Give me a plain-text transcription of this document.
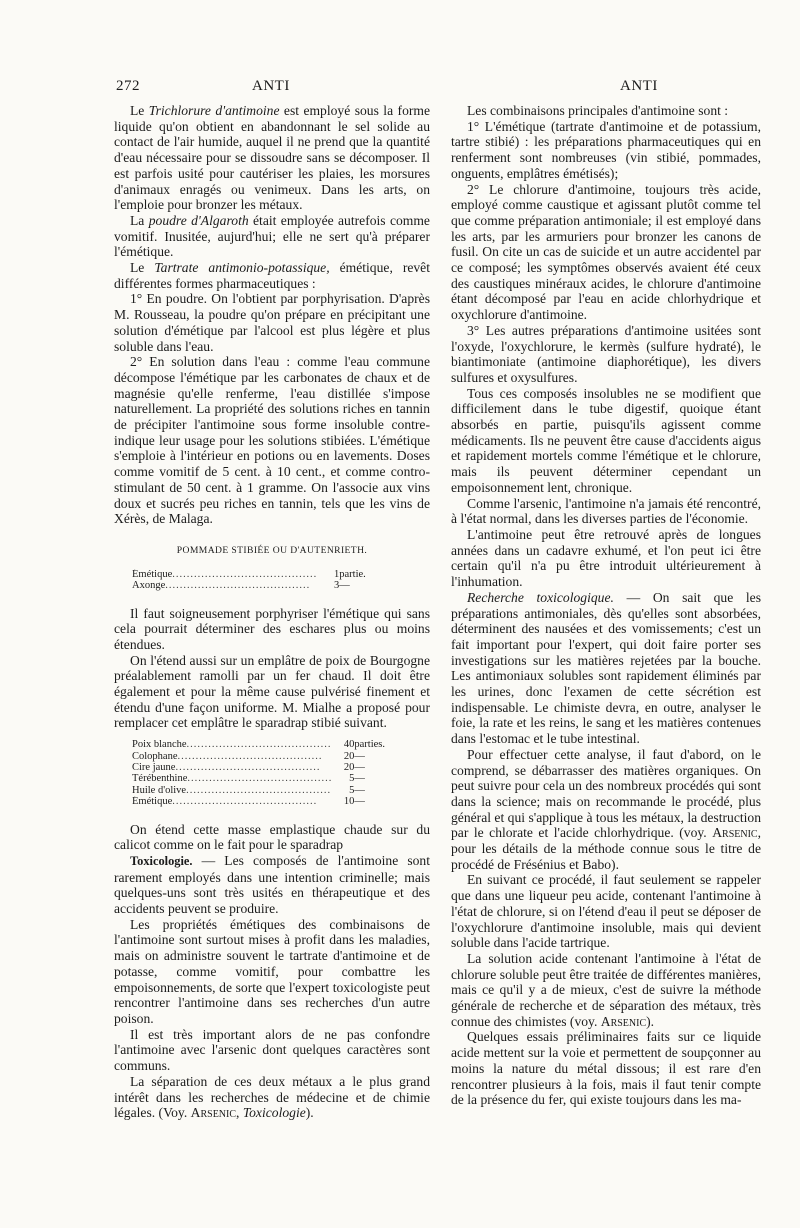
272	ANTI	ANTI

Le Trichlorure d'antimoine est employé sous la forme liquide qu'on obtient en abandonnant le sel solide au contact de l'air humide, auquel il ne prend que la quantité d'eau nécessaire pour se dissoudre sans se décomposer. Il est parfois usité pour cautériser les plaies, les morsures d'animaux enragés ou venimeux. Dans les arts, on l'emploie pour bronzer les métaux.

La poudre d'Algaroth était employée autrefois comme vomitif. Inusitée, aujurd'hui; elle ne sert qu'à préparer l'émétique.

Le Tartrate antimonio-potassique, émétique, revêt différentes formes pharmaceutiques :

1° En poudre. On l'obtient par porphyrisation. D'après M. Rousseau, la poudre qu'on prépare en précipitant une solution d'émétique par l'alcool est plus légère et plus soluble dans l'eau.

2° En solution dans l'eau : comme l'eau commune décompose l'émétique par les carbonates de chaux et de magnésie qu'elle renferme, l'eau distillée s'impose naturellement. La propriété des solutions riches en tannin de précipiter l'antimoine sous forme insoluble contre-indique leur usage pour les solutions stibiées. L'émétique s'emploie à l'intérieur en potions ou en lavements. Doses comme vomitif de 5 cent. à 10 cent., et comme contro-stimulant de 50 cent. à 1 gramme. On l'associe aux vins doux et sucrés peu riches en tannin, tels que les vins de Xérès, de Malaga.

POMMADE STIBIÉE OU D'AUTENRIETH.
Émétique........................................	1	partie.
Axonge........................................	3	—

Il faut soigneusement porphyriser l'émétique qui sans cela pourrait déterminer des eschares plus ou moins étendues.

On l'étend aussi sur un emplâtre de poix de Bourgogne préalablement ramolli par un fer chaud. Il doit être également et pour la même cause pulvérisé finement et étendu d'une façon uniforme. M. Mialhe a proposé pour remplacer cet emplâtre le sparadrap stibié suivant.

Poix blanche........................................	40	parties.
Colophane........................................	20	—
Cire jaune........................................	20	—
Térébenthine........................................	5	—
Huile d'olive........................................	5	—
Émétique........................................	10	—

On étend cette masse emplastique chaude sur du calicot comme on le fait pour le sparadrap

Toxicologie. — Les composés de l'antimoine sont rarement employés dans une intention criminelle; mais quelques-uns sont très usités en thérapeutique et des accidents peuvent se produire.

Les propriétés émétiques des combinaisons de l'antimoine sont surtout mises à profit dans les maladies, mais on administre souvent le tartrate d'antimoine et de potasse, comme vomitif, pour combattre les empoisonnements, de sorte que l'expert toxicologiste peut rencontrer l'antimoine dans ses recherches d'un autre poison.

Il est très important alors de ne pas confondre l'antimoine avec l'arsenic dont quelques caractères sont communs.

La séparation de ces deux métaux a le plus grand intérêt dans les recherches de médecine et de chimie légales. (Voy. Arsenic, Toxicologie).

Les combinaisons principales d'antimoine sont :

1° L'émétique (tartrate d'antimoine et de potassium, tartre stibié) : les préparations pharmaceutiques qui en renferment sont nombreuses (vin stibié, pommades, onguents, emplâtres émétisés);

2° Le chlorure d'antimoine, toujours très acide, employé comme caustique et agissant plutôt comme tel que comme préparation antimoniale; il est employé dans les arts, par les armuriers pour bronzer les canons de fusil. On cite un cas de suicide et un autre accidentel par ce composé; les symptômes observés avaient été ceux des caustiques minéraux acides, le chlorure d'antimoine étant décomposé par l'eau en acide chlorhydrique et oxychlorure d'antimoine.

3° Les autres préparations d'antimoine usitées sont l'oxyde, l'oxychlorure, le kermès (sulfure hydraté), le biantimoniate (antimoine diaphorétique), les divers sulfures et oxysulfures.

Tous ces composés insolubles ne se modifient que difficilement dans le tube digestif, quoique étant absorbés en partie, puisqu'ils agissent comme médicaments. Ils ne peuvent être cause d'accidents aigus et rapidement mortels comme l'émétique et le chlorure, mais ils peuvent déterminer cependant un empoisonnement lent, chronique.

Comme l'arsenic, l'antimoine n'a jamais été rencontré, à l'état normal, dans les diverses parties de l'économie.

L'antimoine peut être retrouvé après de longues années dans un cadavre exhumé, et l'on peut ici être certain qu'il n'a pu être introduit ultérieurement à l'inhumation.

Recherche toxicologique. — On sait que les préparations antimoniales, dès qu'elles sont absorbées, déterminent des nausées et des vomissements; c'est un fait important pour l'expert, qui doit faire porter ses investigations sur les matières rejetées par la bouche. Les antimoniaux solubles sont rapidement éliminés par les urines, donc l'examen de cette sécrétion est indispensable. Le chimiste devra, en outre, analyser le foie, la rate et les reins, le sang et les matières contenues dans l'estomac et le tube intestinal.

Pour effectuer cette analyse, il faut d'abord, on le comprend, se débarrasser des matières organiques. On peut suivre pour cela un des nombreux procédés qui sont dans la science; mais on recommande le procédé, plus général et qui s'applique à tous les métaux, la destruction par le chlorate et l'acide chlorhydrique. (voy. Arsenic, pour les détails de la méthode connue sous le titre de procédé de Frésénius et Babo).

En suivant ce procédé, il faut seulement se rappeler que dans une liqueur peu acide, contenant l'antimoine à l'état de chlorure, si on l'étend d'eau il peut se déposer de l'oxychlorure d'antimoine insoluble, mais qui devient soluble dans l'acide tartrique.

La solution acide contenant l'antimoine à l'état de chlorure soluble peut être traitée de différentes manières, mais ce qu'il y a de mieux, c'est de suivre la méthode générale de recherche et de séparation des métaux, très connue des chimistes (voy. Arsenic).

Quelques essais préliminaires faits sur ce liquide acide mettent sur la voie et permettent de soupçonner au moins la nature du métal dissous; il est rare d'en rencontrer plusieurs à la fois, mais il faut tenir compte de la présence du fer, qui existe toujours dans les ma-
